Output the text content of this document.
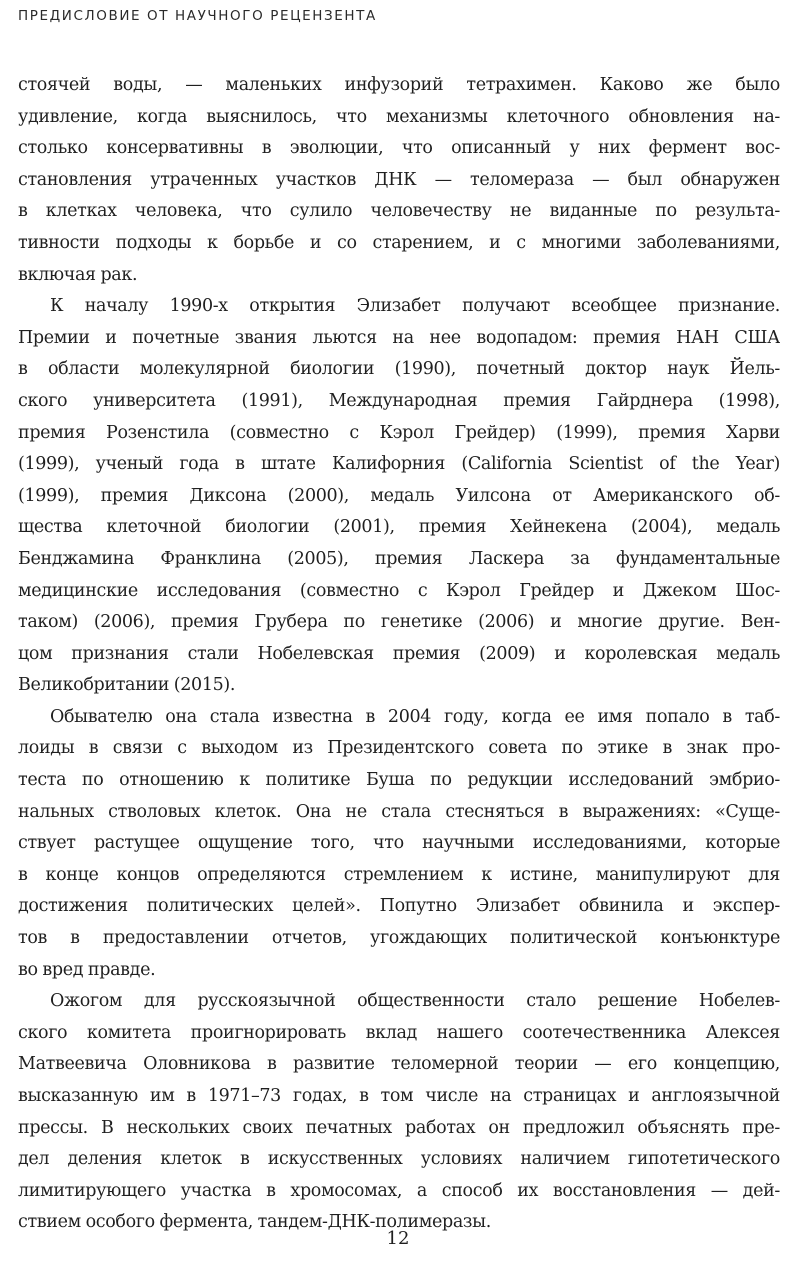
ПРЕДИСЛОВИЕ ОТ НАУЧНОГО РЕЦЕНЗЕНТА
стоячей воды, — маленьких инфузорий тетрахимен. Каково же было
удивление, когда выяснилось, что механизмы клеточного обновления на-
столько консервативны в эволюции, что описанный у них фермент вос-
становления утраченных участков ДНК — теломераза — был обнаружен
в клетках человека, что сулило человечеству не виданные по результа-
тивности подходы к борьбе и со старением, и с многими заболеваниями,
включая рак.
К началу 1990-х открытия Элизабет получают всеобщее признание.
Премии и почетные звания льются на нее водопадом: премия НАН США
в области молекулярной биологии (1990), почетный доктор наук Йель-
ского университета (1991), Международная премия Гайрднера (1998),
премия Розенстила (совместно с Кэрол Грейдер) (1999), премия Харви
(1999), ученый года в штате Калифорния (California Scientist of the Year)
(1999), премия Диксона (2000), медаль Уилсона от Американского об-
щества клеточной биологии (2001), премия Хейнекена (2004), медаль
Бенджамина Франклина (2005), премия Ласкера за фундаментальные
медицинские исследования (совместно с Кэрол Грейдер и Джеком Шос-
таком) (2006), премия Грубера по генетике (2006) и многие другие. Вен-
цом признания стали Нобелевская премия (2009) и королевская медаль
Великобритании (2015).
Обывателю она стала известна в 2004 году, когда ее имя попало в таб-
лоиды в связи с выходом из Президентского совета по этике в знак про-
теста по отношению к политике Буша по редукции исследований эмбрио-
нальных стволовых клеток. Она не стала стесняться в выражениях: «Суще-
ствует растущее ощущение того, что научными исследованиями, которые
в конце концов определяются стремлением к истине, манипулируют для
достижения политических целей». Попутно Элизабет обвинила и экспер-
тов в предоставлении отчетов, угождающих политической конъюнктуре
во вред правде.
Ожогом для русскоязычной общественности стало решение Нобелев-
ского комитета проигнорировать вклад нашего соотечественника Алексея
Матвеевича Оловникова в развитие теломерной теории — его концепцию,
высказанную им в 1971–73 годах, в том числе на страницах и англоязычной
прессы. В нескольких своих печатных работах он предложил объяснять пре-
дел деления клеток в искусственных условиях наличием гипотетического
лимитирующего участка в хромосомах, а способ их восстановления — дей-
ствием особого фермента, тандем-ДНК-полимеразы.
12
